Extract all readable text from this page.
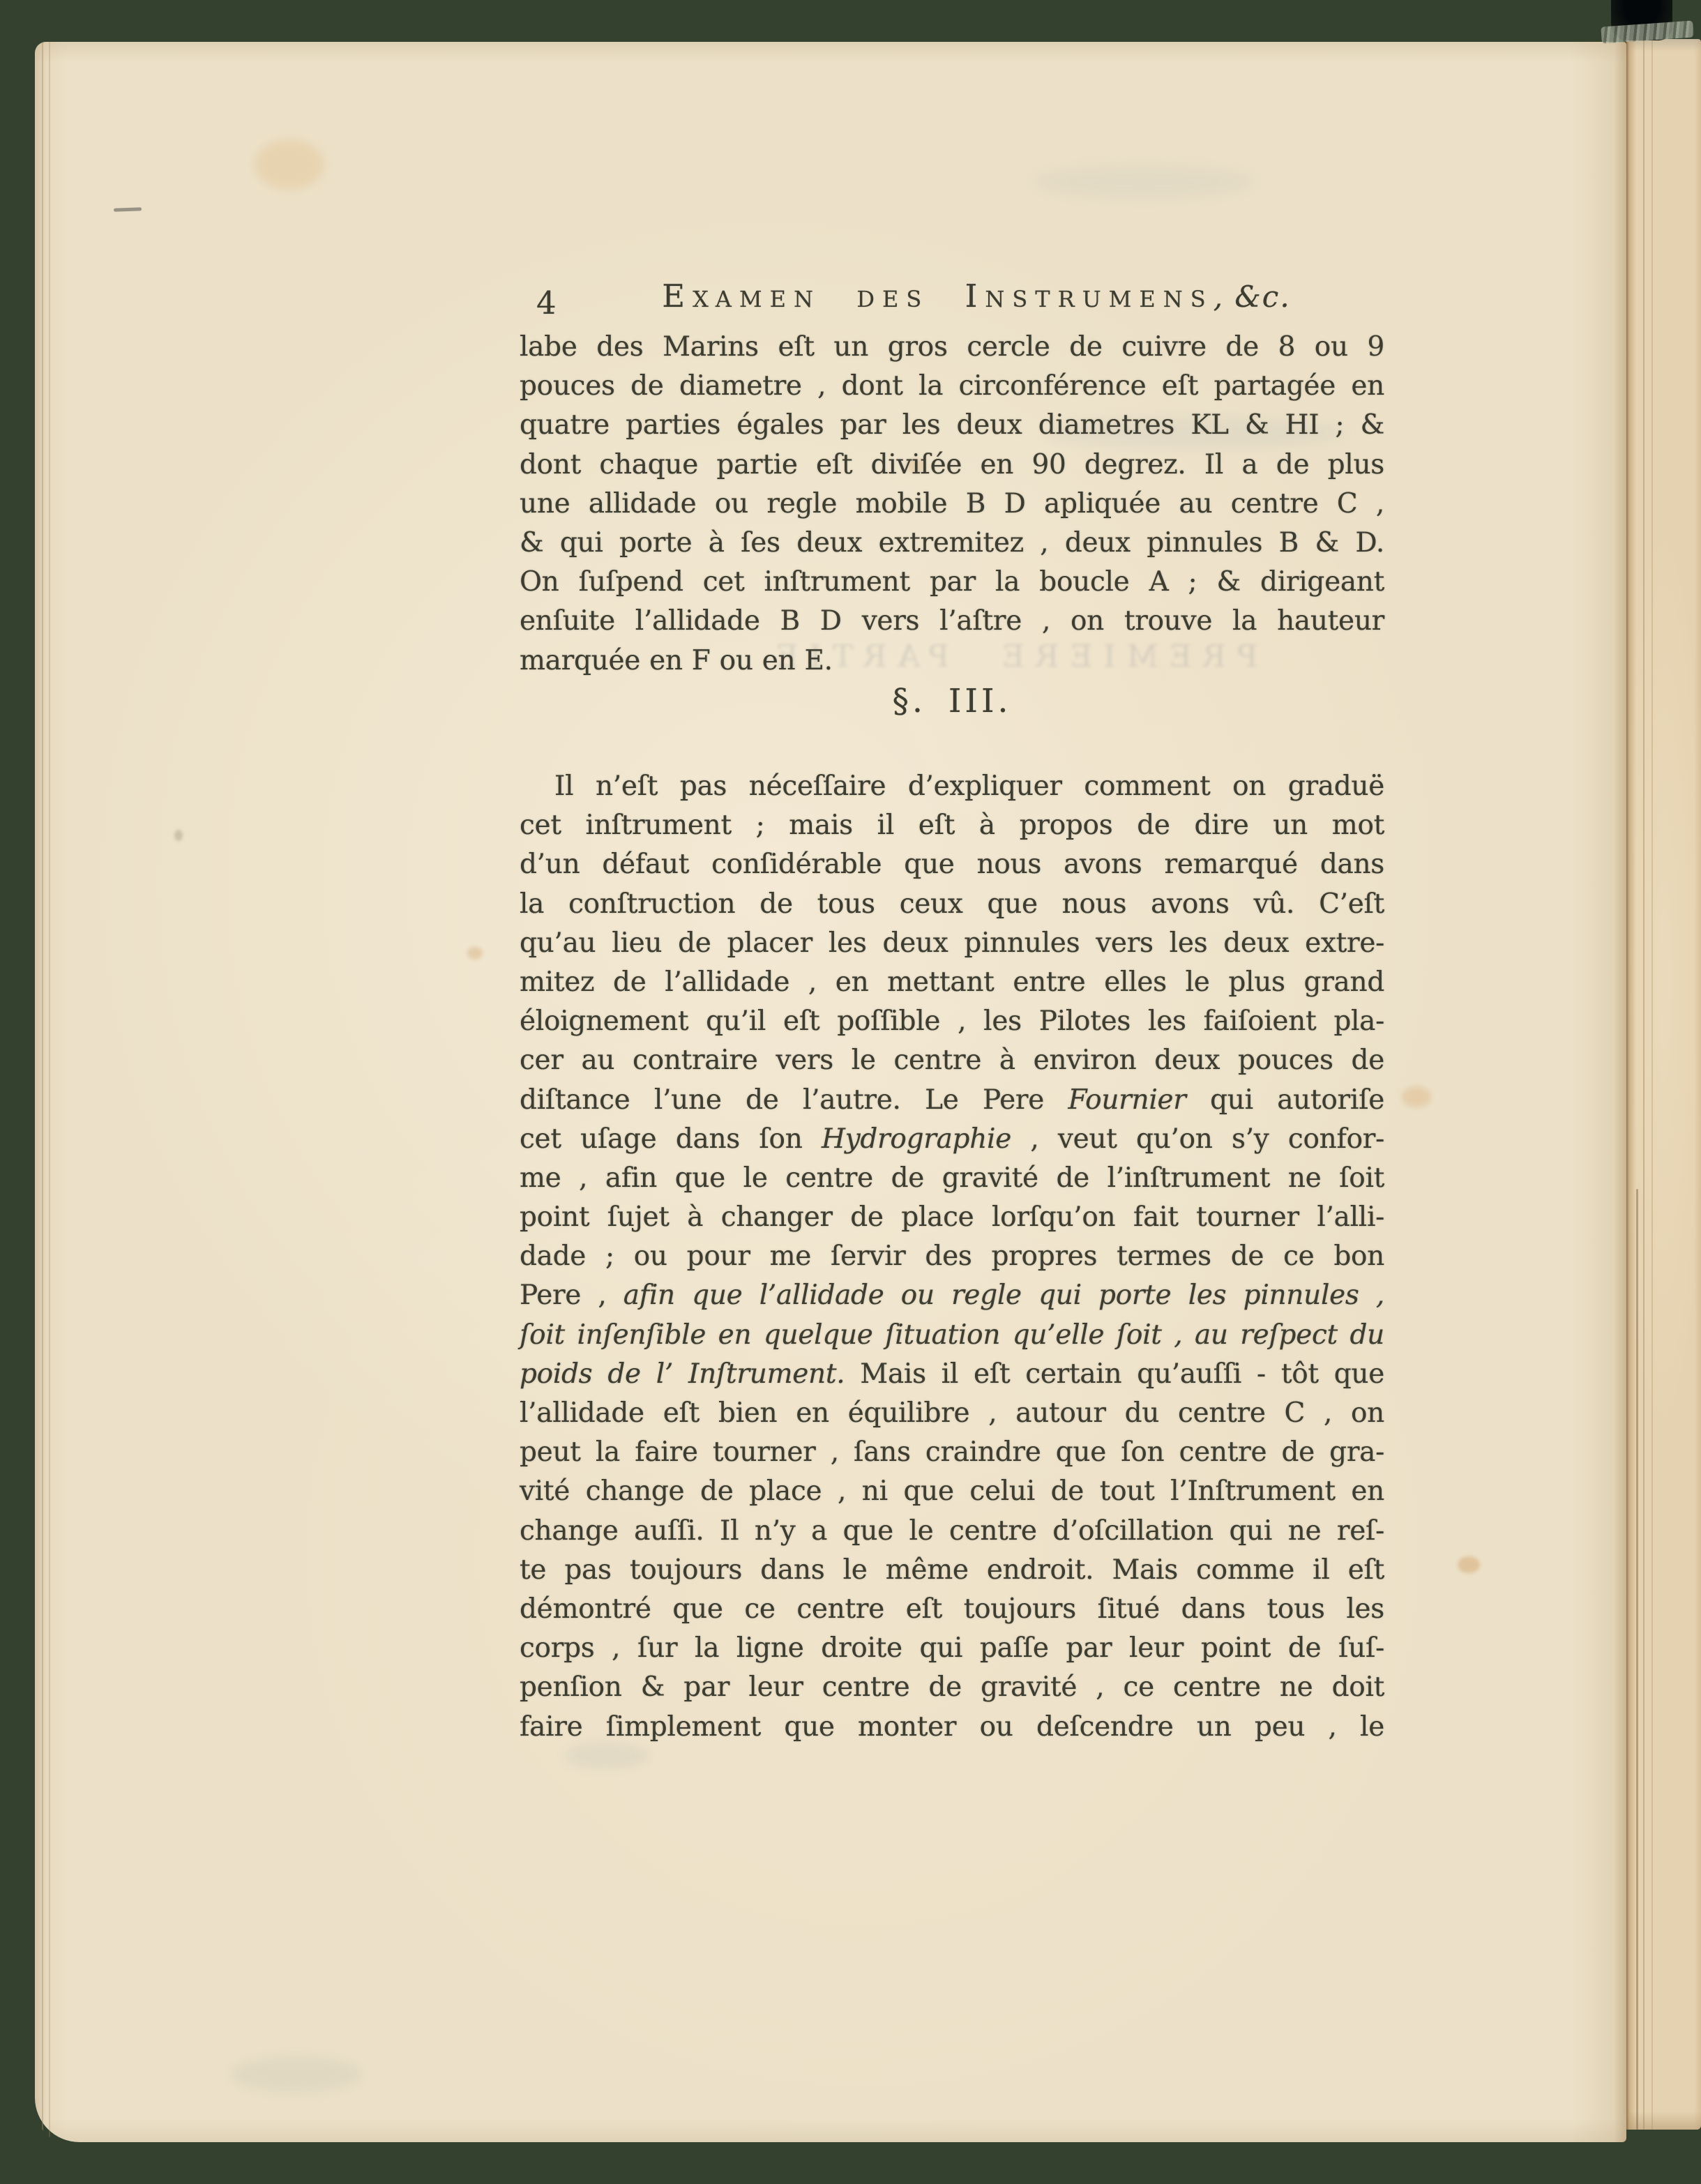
PREMIERE PARTIE
4	Examen des Instrumens, &c.
labe des Marins eſt un gros cercle de cuivre de 8 ou 9
pouces de diametre , dont la circonférence eſt partagée en
quatre parties égales par les deux diametres KL & HI ; &
dont chaque partie eſt diviſée en 90 degrez. Il a de plus
une allidade ou regle mobile B D apliquée au centre C ,
& qui porte à ſes deux extremitez , deux pinnules B & D.
On ſuſpend cet inſtrument par la boucle A ; & dirigeant
enſuite l’allidade B D vers l’aſtre , on trouve la hauteur
marquée en F ou en E.
§. III.
Il n’eſt pas néceſſaire d’expliquer comment on graduë
cet inſtrument ; mais il eſt à propos de dire un mot
d’un défaut conſidérable que nous avons remarqué dans
la conſtruction de tous ceux que nous avons vû. C’eſt
qu’au lieu de placer les deux pinnules vers les deux extre-
mitez de l’allidade , en mettant entre elles le plus grand
éloignement qu’il eſt poſſible , les Pilotes les faiſoient pla-
cer au contraire vers le centre à environ deux pouces de
diſtance l’une de l’autre. Le Pere Fournier qui autoriſe
cet uſage dans ſon Hydrographie , veut qu’on s’y confor-
me , afin que le centre de gravité de l’inſtrument ne ſoit
point ſujet à changer de place lorſqu’on fait tourner l’alli-
dade ; ou pour me ſervir des propres termes de ce bon
Pere , afin que l’allidade ou regle qui porte les pinnules ,
ſoit inſenſible en quelque ſituation qu’elle ſoit , au reſpect du
poids de l’ Inſtrument. Mais il eſt certain qu’auſſi - tôt que
l’allidade eſt bien en équilibre , autour du centre C , on
peut la faire tourner , ſans craindre que ſon centre de gra-
vité change de place , ni que celui de tout l’Inſtrument en
change auſſi. Il n’y a que le centre d’oſcillation qui ne reſ-
te pas toujours dans le même endroit. Mais comme il eſt
démontré que ce centre eſt toujours ſitué dans tous les
corps , ſur la ligne droite qui paſſe par leur point de ſuſ-
penſion & par leur centre de gravité , ce centre ne doit
faire ſimplement que monter ou deſcendre un peu , le
